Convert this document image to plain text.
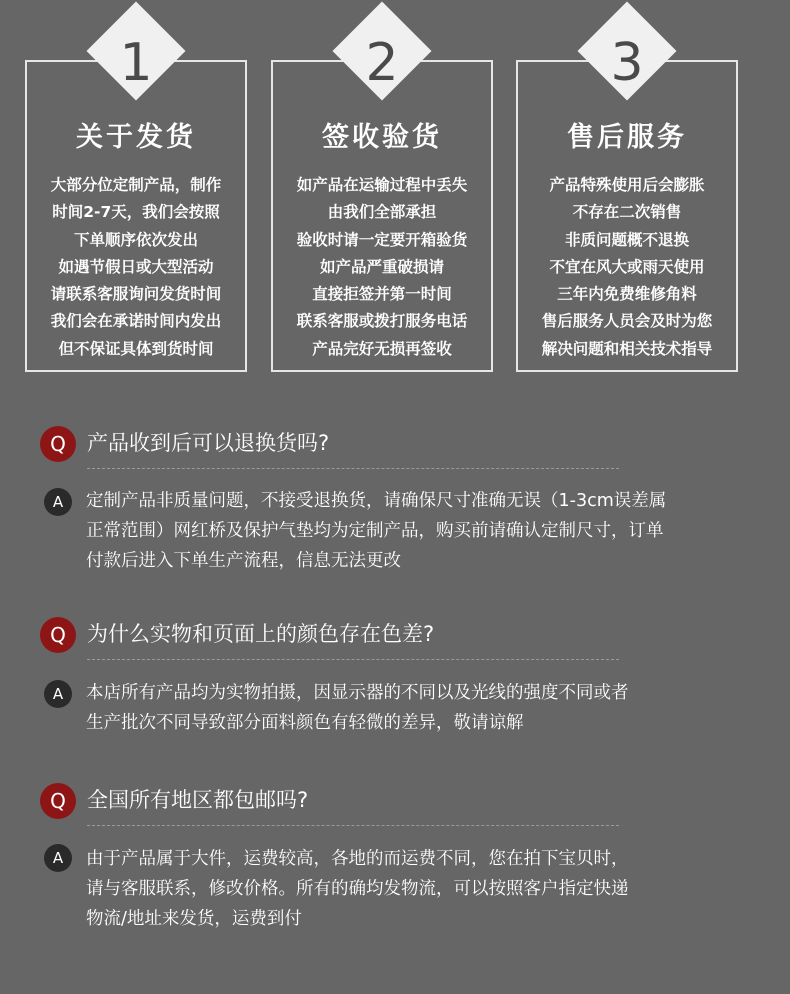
1
关于发货
大部分位定制产品，制作
时间2-7天，我们会按照
下单顺序依次发出
如遇节假日或大型活动
请联系客服询问发货时间
我们会在承诺时间内发出
但不保证具体到货时间
2
签收验货
如产品在运输过程中丢失
由我们全部承担
验收时请一定要开箱验货
如产品严重破损请
直接拒签并第一时间
联系客服或拨打服务电话
产品完好无损再签收
3
售后服务
产品特殊使用后会膨胀
不存在二次销售
非质问题概不退换
不宜在风大或雨天使用
三年内免费维修角料
售后服务人员会及时为您
解决问题和相关技术指导
Q	产品收到后可以退换货吗?
A	定制产品非质量问题，不接受退换货，请确保尺寸准确无误（1-3cm误差属
正常范围）网红桥及保护气垫均为定制产品，购买前请确认定制尺寸，订单
付款后进入下单生产流程，信息无法更改
Q	为什么实物和页面上的颜色存在色差?
A	本店所有产品均为实物拍摄，因显示器的不同以及光线的强度不同或者
生产批次不同导致部分面料颜色有轻微的差异，敬请谅解
Q	全国所有地区都包邮吗?
A	由于产品属于大件，运费较高，各地的而运费不同，您在拍下宝贝时，
请与客服联系，修改价格。所有的确均发物流，可以按照客户指定快递
物流/地址来发货，运费到付
